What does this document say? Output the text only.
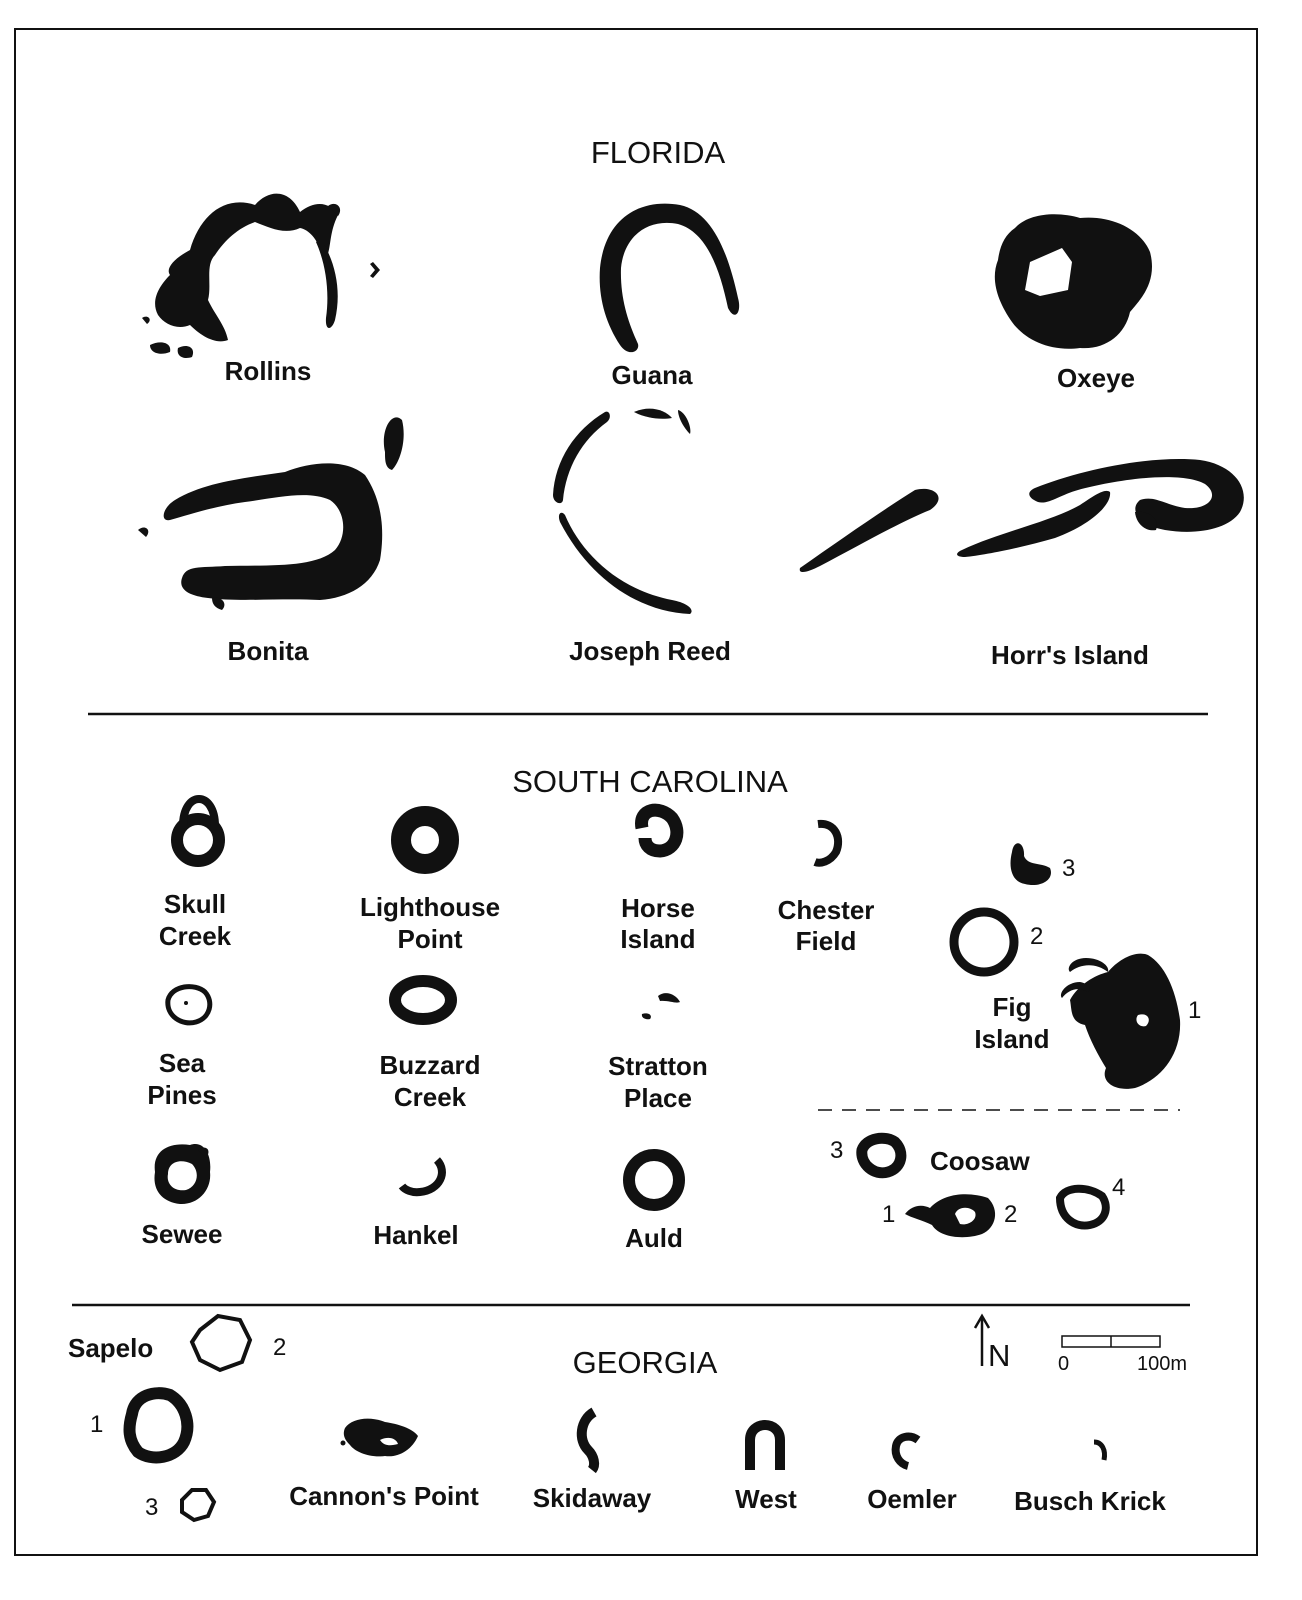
FLORIDA
Rollins	Guana	Oxeye
Bonita	Joseph Reed	Horr's Island
SOUTH CAROLINA
Skull
Creek
Lighthouse
Point
Horse
Island
Chester
Field
3
2
1
Fig
Island
Sea
Pines
Buzzard
Creek
Stratton
Place
Sewee	Hankel	Auld
3	Coosaw
4
1	2
GEORGIA	N 0	100m
Sapelo	2
1
3	Cannon's Point Skidaway	West	Oemler Busch Krick
